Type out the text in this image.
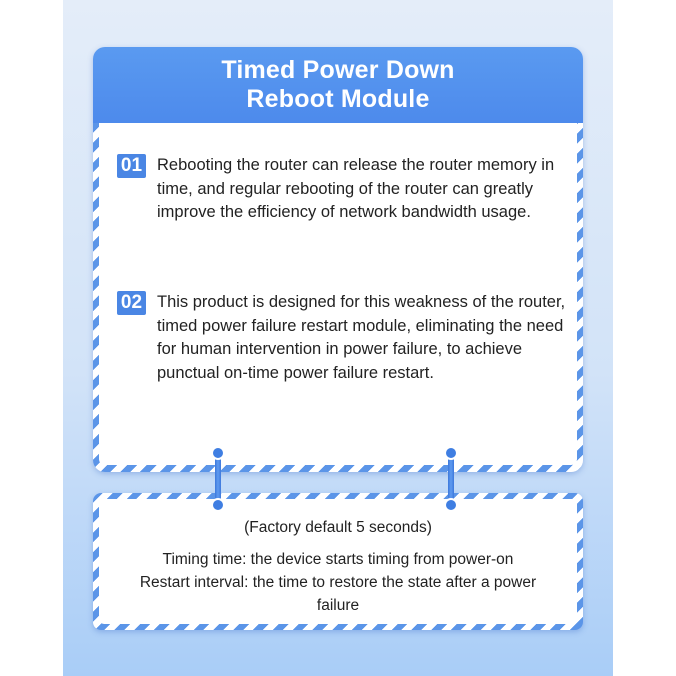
Timed Power Down
Reboot Module
01 Rebooting the router can release the router memory in time, and regular rebooting of the router can greatly improve the efficiency of network bandwidth usage.

02 This product is designed for this weakness of the router, timed power failure restart module, eliminating the need for human intervention in power failure, to achieve punctual on-time power failure restart.

(Factory default 5 seconds)

Timing time: the device starts timing from power-on
Restart interval: the time to restore the state after a power failure
